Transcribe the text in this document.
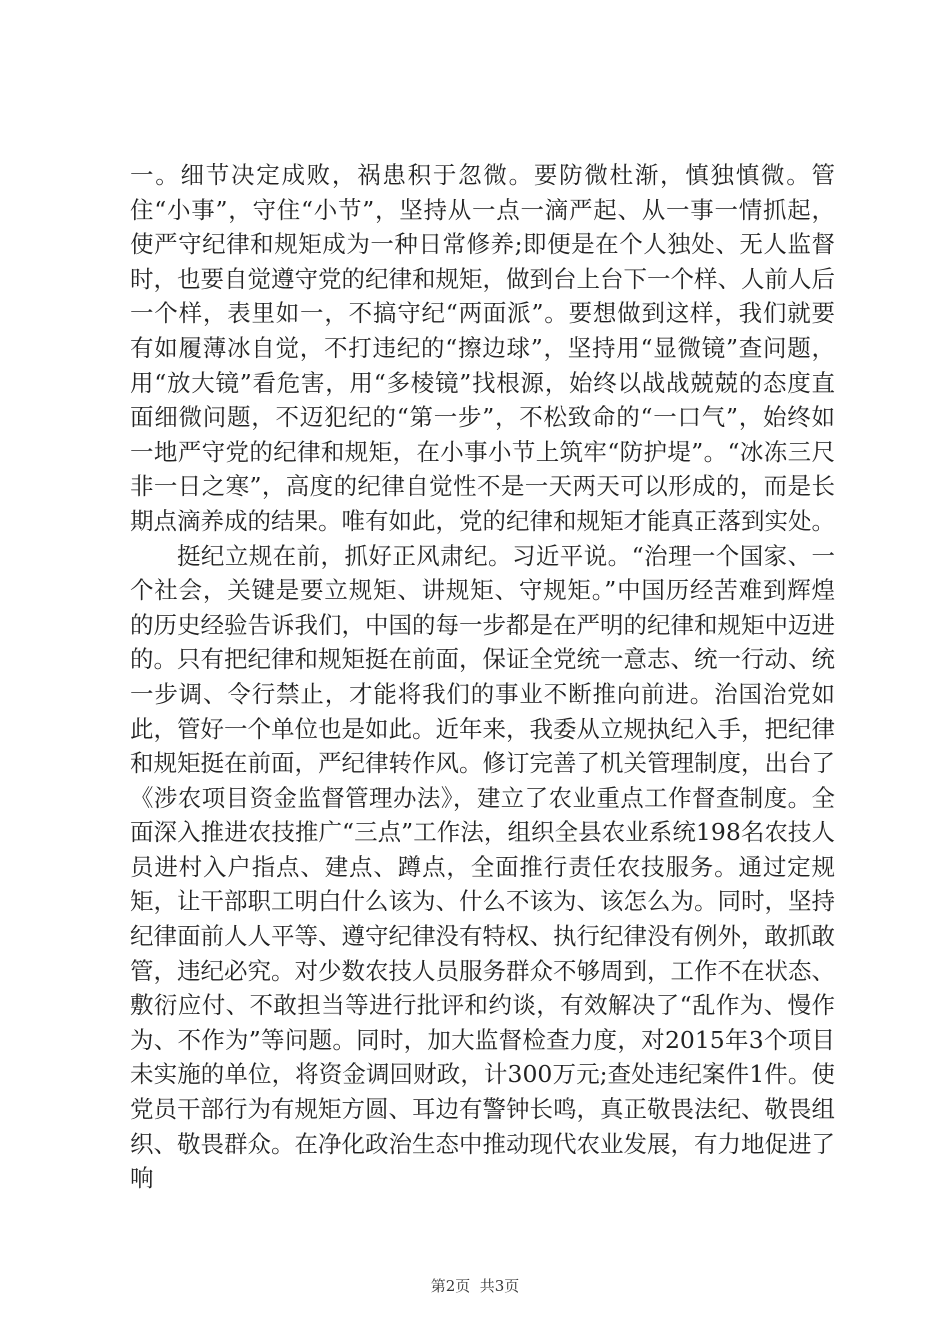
一。细节决定成败，祸患积于忽微。要防微杜渐，慎独慎微。管住“小事”，守住“小节”，坚持从一点一滴严起、从一事一情抓起，使严守纪律和规矩成为一种日常修养;即便是在个人独处、无人监督时，也要自觉遵守党的纪律和规矩，做到台上台下一个样、人前人后一个样，表里如一，不搞守纪“两面派”。要想做到这样，我们就要有如履薄冰自觉，不打违纪的“擦边球”，坚持用“显微镜”查问题，用“放大镜”看危害，用“多棱镜”找根源，始终以战战兢兢的态度直面细微问题，不迈犯纪的“第一步”，不松致命的“一口气”，始终如一地严守党的纪律和规矩，在小事小节上筑牢“防护堤”。“冰冻三尺非一日之寒”，高度的纪律自觉性不是一天两天可以形成的，而是长期点滴养成的结果。唯有如此，党的纪律和规矩才能真正落到实处。

挺纪立规在前，抓好正风肃纪。习近平说。“治理一个国家、一个社会，关键是要立规矩、讲规矩、守规矩。”中国历经苦难到辉煌的历史经验告诉我们，中国的每一步都是在严明的纪律和规矩中迈进的。只有把纪律和规矩挺在前面，保证全党统一意志、统一行动、统一步调、令行禁止，才能将我们的事业不断推向前进。治国治党如此，管好一个单位也是如此。近年来，我委从立规执纪入手，把纪律和规矩挺在前面，严纪律转作风。修订完善了机关管理制度，出台了《涉农项目资金监督管理办法》，建立了农业重点工作督查制度。全面深入推进农技推广“三点”工作法，组织全县农业系统198名农技人员进村入户指点、建点、蹲点，全面推行责任农技服务。通过定规矩，让干部职工明白什么该为、什么不该为、该怎么为。同时，坚持纪律面前人人平等、遵守纪律没有特权、执行纪律没有例外，敢抓敢管，违纪必究。对少数农技人员服务群众不够周到，工作不在状态、敷衍应付、不敢担当等进行批评和约谈，有效解决了“乱作为、慢作为、不作为”等问题。同时，加大监督检查力度，对2015年3个项目未实施的单位，将资金调回财政，计300万元;查处违纪案件1件。使党员干部行为有规矩方圆、耳边有警钟长鸣，真正敬畏法纪、敬畏组织、敬畏群众。在净化政治生态中推动现代农业发展，有力地促进了响

第2页  共3页
